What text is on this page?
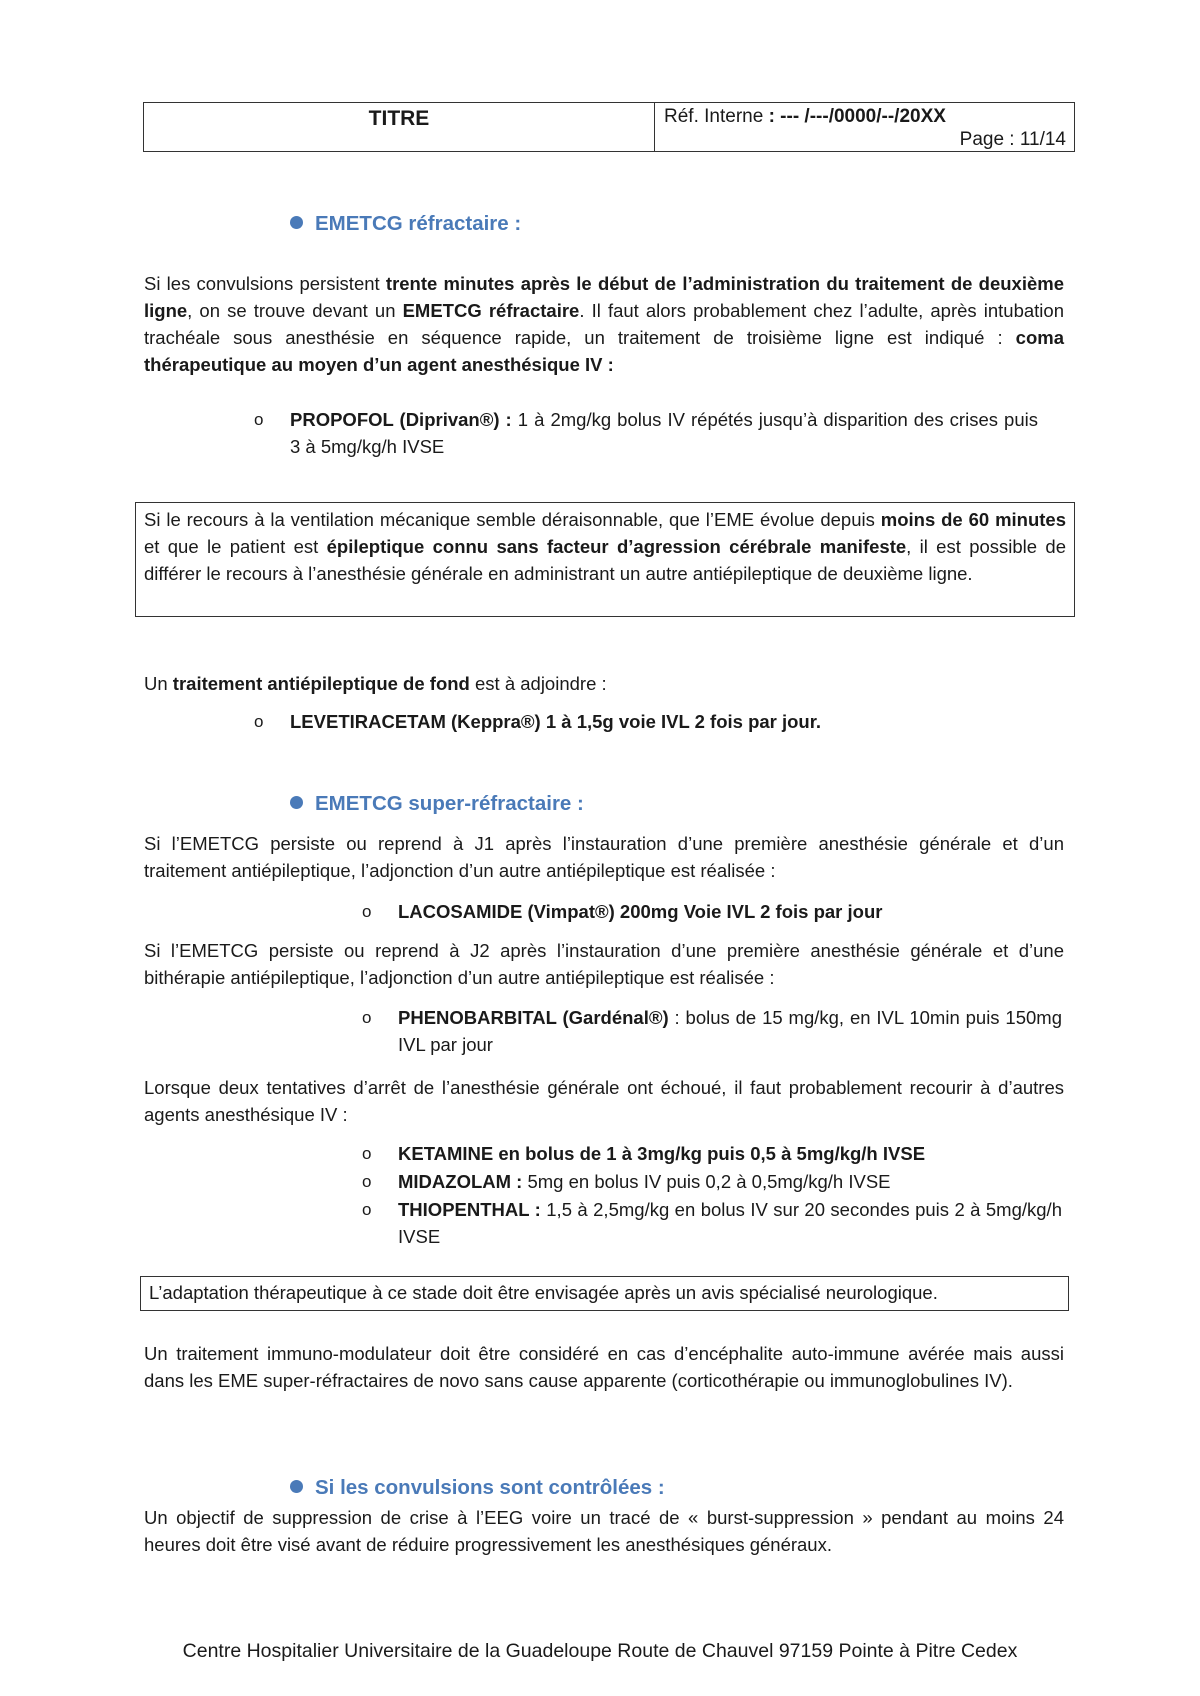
TITRE	Réf. Interne : --- /---/0000/--/20XX
Page : 11/14
EMETCG réfractaire :
Si les convulsions persistent trente minutes après le début de l’administration du traitement de deuxième ligne, on se trouve devant un EMETCG réfractaire. Il faut alors probablement chez l’adulte, après intubation trachéale sous anesthésie en séquence rapide, un traitement de troisième ligne est indiqué : coma thérapeutique au moyen d’un agent anesthésique IV :
o PROPOFOL (Diprivan®) : 1 à 2mg/kg bolus IV répétés jusqu’à disparition des crises puis 3 à 5mg/kg/h IVSE
Si le recours à la ventilation mécanique semble déraisonnable, que l’EME évolue depuis moins de 60 minutes et que le patient est épileptique connu sans facteur d’agression cérébrale manifeste, il est possible de différer le recours à l’anesthésie générale en administrant un autre antiépileptique de deuxième ligne.
Un traitement antiépileptique de fond est à adjoindre :
o LEVETIRACETAM (Keppra®) 1 à 1,5g voie IVL 2 fois par jour.
EMETCG super-réfractaire :
Si l’EMETCG persiste ou reprend à J1 après l’instauration d’une première anesthésie générale et d’un traitement antiépileptique, l’adjonction d’un autre antiépileptique est réalisée :
o LACOSAMIDE (Vimpat®) 200mg Voie IVL 2 fois par jour
Si l’EMETCG persiste ou reprend à J2 après l’instauration d’une première anesthésie générale et d’une bithérapie antiépileptique, l’adjonction d’un autre antiépileptique est réalisée :
o PHENOBARBITAL (Gardénal®) : bolus de 15 mg/kg, en IVL 10min puis 150mg IVL par jour
Lorsque deux tentatives d’arrêt de l’anesthésie générale ont échoué, il faut probablement recourir à d’autres agents anesthésique IV :
o KETAMINE en bolus de 1 à 3mg/kg puis 0,5 à 5mg/kg/h IVSE
o MIDAZOLAM : 5mg en bolus IV puis 0,2 à 0,5mg/kg/h IVSE
o THIOPENTHAL : 1,5 à 2,5mg/kg en bolus IV sur 20 secondes puis 2 à 5mg/kg/h IVSE
L’adaptation thérapeutique à ce stade doit être envisagée après un avis spécialisé neurologique.
Un traitement immuno-modulateur doit être considéré en cas d’encéphalite auto-immune avérée mais aussi dans les EME super-réfractaires de novo sans cause apparente (corticothérapie ou immunoglobulines IV).
Si les convulsions sont contrôlées :
Un objectif de suppression de crise à l’EEG voire un tracé de « burst-suppression » pendant au moins 24 heures doit être visé avant de réduire progressivement les anesthésiques généraux.
Centre Hospitalier Universitaire de la Guadeloupe Route de Chauvel 97159 Pointe à Pitre Cedex
